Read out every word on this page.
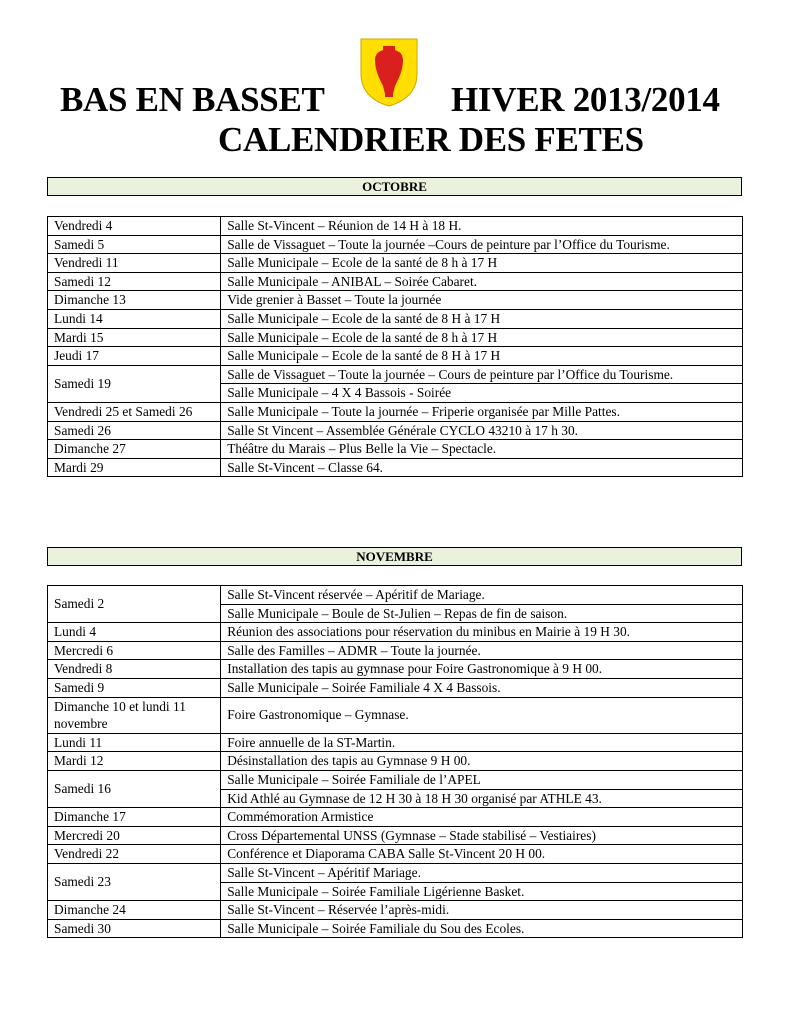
BAS EN BASSET	HIVER 2013/2014
CALENDRIER DES FETES
OCTOBRE
Vendredi 4	Salle St-Vincent – Réunion de 14 H à 18 H.
Samedi 5	Salle de Vissaguet – Toute la journée –Cours de peinture par l’Office du Tourisme.
Vendredi 11	Salle Municipale – Ecole de la santé de 8 h à 17 H
Samedi 12	Salle Municipale – ANIBAL – Soirée Cabaret.
Dimanche 13	Vide grenier à Basset – Toute la journée
Lundi 14	Salle Municipale – Ecole de la santé de 8 H à 17 H
Mardi 15	Salle Municipale – Ecole de la santé de 8 h à 17 H
Jeudi 17	Salle Municipale – Ecole de la santé de 8 H à 17 H
Samedi 19	Salle de Vissaguet – Toute la journée – Cours de peinture par l’Office du Tourisme.
	Salle Municipale – 4 X 4 Bassois - Soirée
Vendredi 25 et Samedi 26	Salle Municipale – Toute la journée – Friperie organisée par Mille Pattes.
Samedi 26	Salle St Vincent – Assemblée Générale CYCLO 43210 à 17 h 30.
Dimanche 27	Théâtre du Marais – Plus Belle la Vie – Spectacle.
Mardi 29	Salle St-Vincent – Classe 64.
NOVEMBRE
Samedi 2	Salle St-Vincent réservée – Apéritif de Mariage.
	Salle Municipale – Boule de St-Julien – Repas de fin de saison.
Lundi 4	Réunion des associations pour réservation du minibus en Mairie à 19 H 30.
Mercredi 6	Salle des Familles – ADMR – Toute la journée.
Vendredi 8	Installation des tapis au gymnase pour Foire Gastronomique à 9 H 00.
Samedi 9	Salle Municipale – Soirée Familiale 4 X 4 Bassois.
Dimanche 10 et lundi 11 novembre	Foire Gastronomique – Gymnase.
Lundi 11	Foire annuelle de la ST-Martin.
Mardi 12	Désinstallation des tapis au Gymnase 9 H 00.
Samedi 16	Salle Municipale – Soirée Familiale de l’APEL
	Kid Athlé au Gymnase de 12 H 30 à 18 H 30 organisé par ATHLE 43.
Dimanche 17	Commémoration Armistice
Mercredi 20	Cross Départemental UNSS (Gymnase – Stade stabilisé – Vestiaires)
Vendredi 22	Conférence et Diaporama CABA Salle St-Vincent 20 H 00.
Samedi 23	Salle St-Vincent – Apéritif Mariage.
	Salle Municipale – Soirée Familiale Ligérienne Basket.
Dimanche 24	Salle St-Vincent – Réservée l’après-midi.
Samedi 30	Salle Municipale – Soirée Familiale du Sou des Ecoles.
